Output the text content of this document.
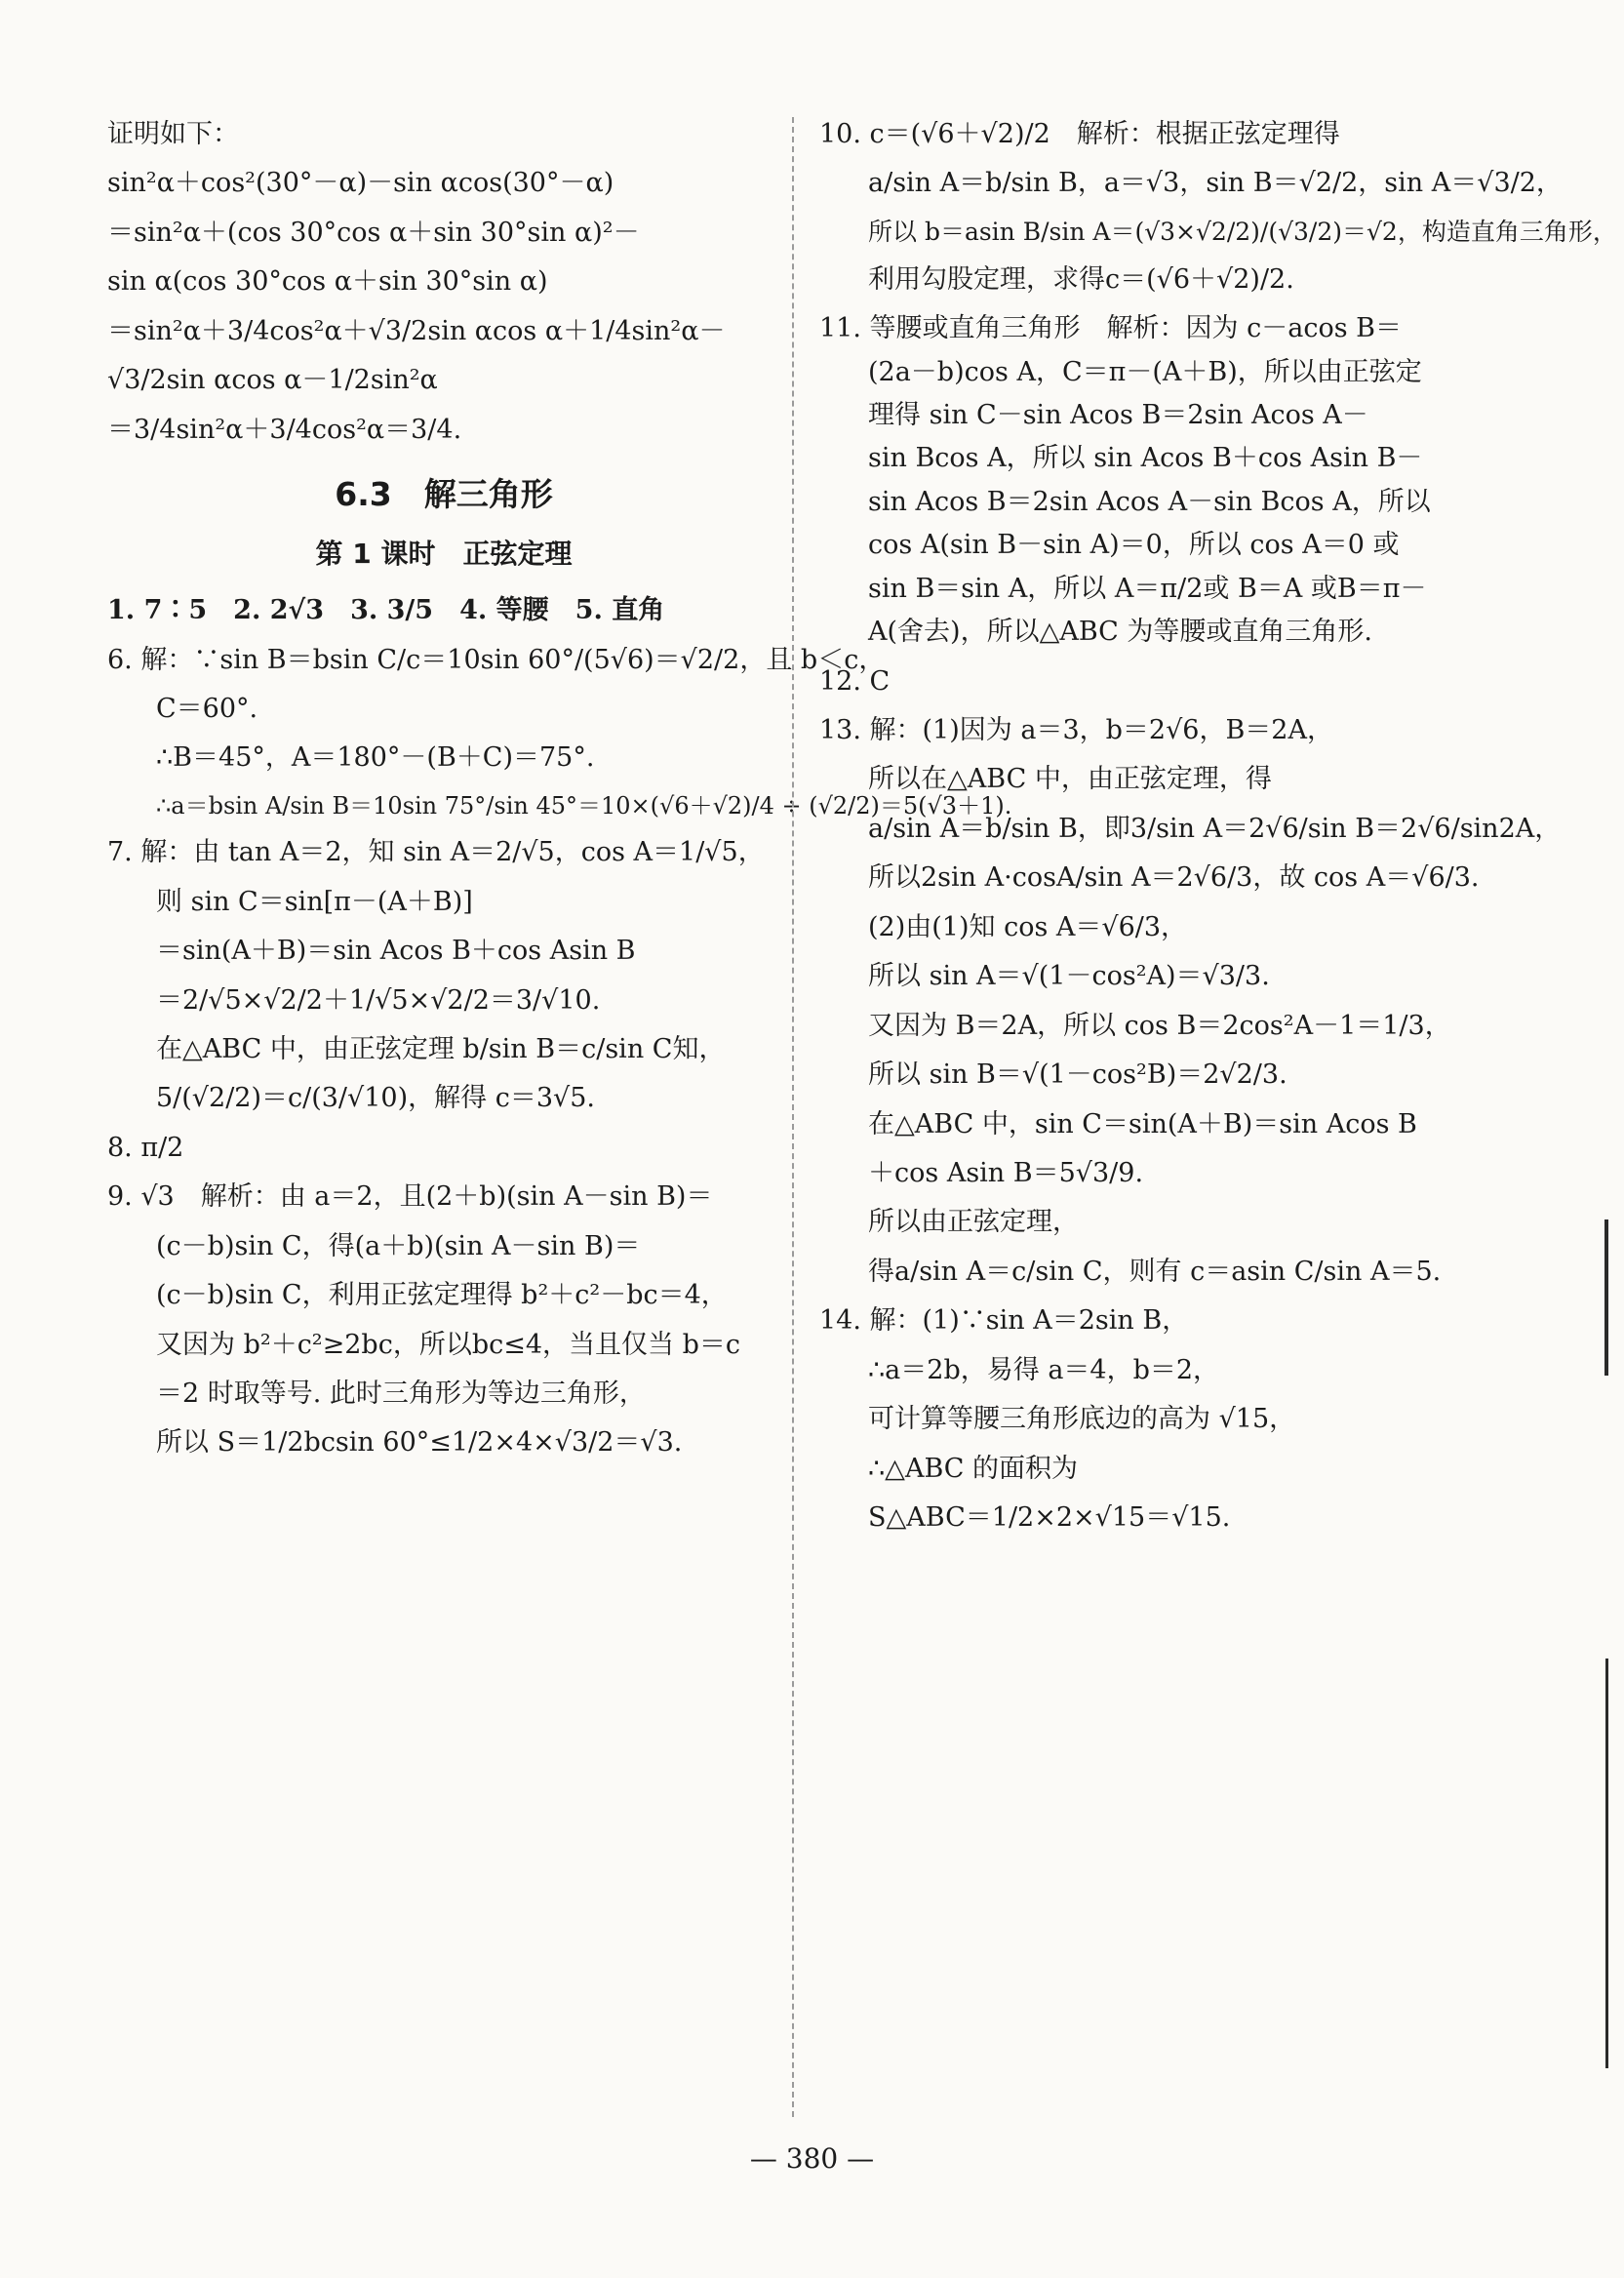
证明如下：
sin²α＋cos²(30°－α)－sin αcos(30°－α)
＝sin²α＋(cos 30°cos α＋sin 30°sin α)²－
sin α(cos 30°cos α＋sin 30°sin α)
＝sin²α＋3/4cos²α＋√3/2sin αcos α＋1/4sin²α－
√3/2sin αcos α－1/2sin²α
＝3/4sin²α＋3/4cos²α＝3/4.
6.3　解三角形
第 1 课时　正弦定理
1. 7∶5　2. 2√3　3. 3/5　4. 等腰　5. 直角
6. 解：∵sin B＝bsin C/c＝10sin 60°/(5√6)＝√2/2，且 b＜c，
C＝60°.
∴B＝45°，A＝180°－(B＋C)＝75°.
∴a＝bsin A/sin B＝10sin 75°/sin 45°＝10×(√6＋√2)/4 ÷ (√2/2)＝5(√3＋1).
7. 解：由 tan A＝2，知 sin A＝2/√5，cos A＝1/√5，
则 sin C＝sin[π－(A＋B)]
＝sin(A＋B)＝sin Acos B＋cos Asin B
＝2/√5×√2/2＋1/√5×√2/2＝3/√10.
在△ABC 中，由正弦定理 b/sin B＝c/sin C知，
5/(√2/2)＝c/(3/√10)，解得 c＝3√5.
8. π/2
9. √3　解析：由 a＝2，且(2＋b)(sin A－sin B)＝
(c－b)sin C，得(a＋b)(sin A－sin B)＝
(c－b)sin C，利用正弦定理得 b²＋c²－bc＝4，
又因为 b²＋c²≥2bc，所以bc≤4，当且仅当 b＝c
＝2 时取等号. 此时三角形为等边三角形，
所以 S＝1/2bcsin 60°≤1/2×4×√3/2＝√3.
10. c＝(√6＋√2)/2　解析：根据正弦定理得
a/sin A＝b/sin B，a＝√3，sin B＝√2/2，sin A＝√3/2，
所以 b＝asin B/sin A＝(√3×√2/2)/(√3/2)＝√2，构造直角三角形，
利用勾股定理，求得c＝(√6＋√2)/2.
11. 等腰或直角三角形　解析：因为 c－acos B＝
(2a－b)cos A，C＝π－(A＋B)，所以由正弦定
理得 sin C－sin Acos B＝2sin Acos A－
sin Bcos A，所以 sin Acos B＋cos Asin B－
sin Acos B＝2sin Acos A－sin Bcos A，所以
cos A(sin B－sin A)＝0，所以 cos A＝0 或
sin B＝sin A，所以 A＝π/2或 B＝A 或B＝π－
A(舍去)，所以△ABC 为等腰或直角三角形.
12. C
13. 解：(1)因为 a＝3，b＝2√6，B＝2A，
所以在△ABC 中，由正弦定理，得
a/sin A＝b/sin B，即3/sin A＝2√6/sin B＝2√6/sin2A，
所以2sin A·cosA/sin A＝2√6/3，故 cos A＝√6/3.
(2)由(1)知 cos A＝√6/3，
所以 sin A＝√(1－cos²A)＝√3/3.
又因为 B＝2A，所以 cos B＝2cos²A－1＝1/3，
所以 sin B＝√(1－cos²B)＝2√2/3.
在△ABC 中，sin C＝sin(A＋B)＝sin Acos B
＋cos Asin B＝5√3/9.
所以由正弦定理，
得a/sin A＝c/sin C，则有 c＝asin C/sin A＝5.
14. 解：(1)∵sin A＝2sin B，
∴a＝2b，易得 a＝4，b＝2，
可计算等腰三角形底边的高为 √15，
∴△ABC 的面积为
S△ABC＝1/2×2×√15＝√15.
— 380 —
